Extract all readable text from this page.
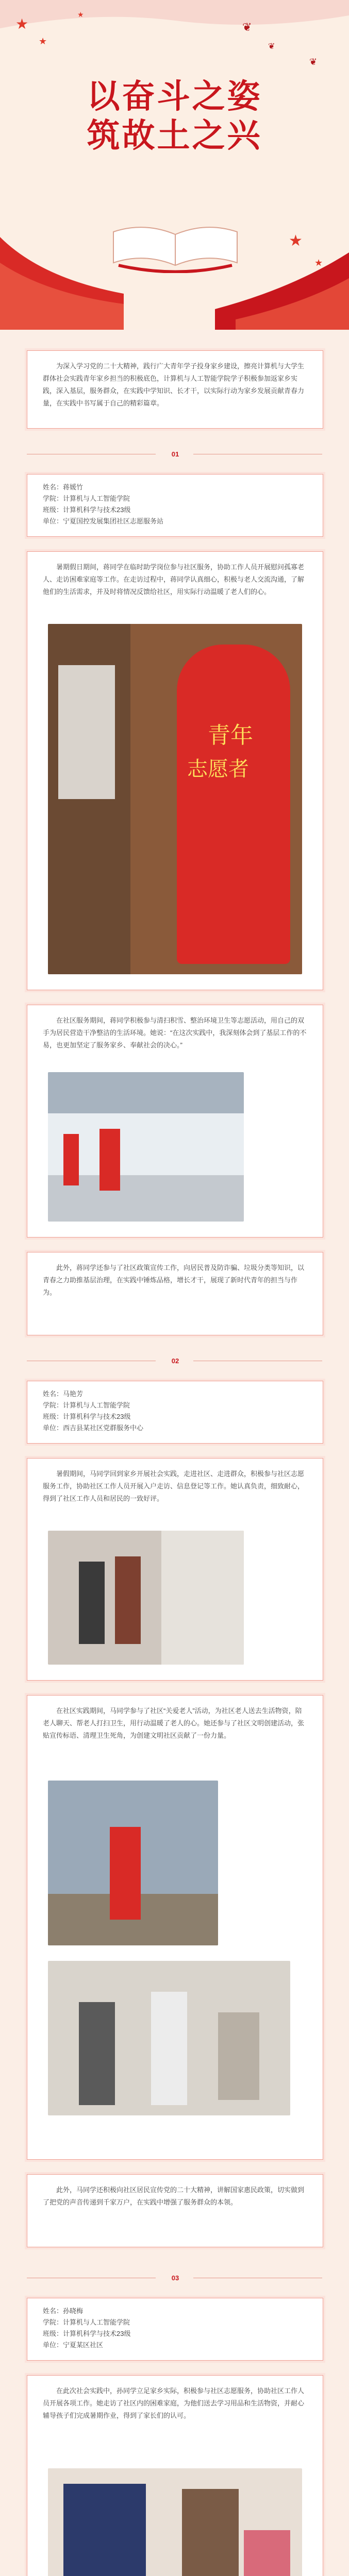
★
★
★
★
★
❦
❦
❦
以奋斗之姿
筑故土之兴

为深入学习党的二十大精神，践行广大青年学子投身家乡建设，擦亮计算机与大学生群体社会实践青年家乡担当的积极底色，计算机与人工智能学院学子积极参加返家乡实践，深入基层，服务群众，在实践中学知识、长才干，以实际行动为家乡发展贡献青春力量，在实践中书写属于自己的精彩篇章。

01

姓名：蒋媛竹

学院：计算机与人工智能学院

班级：计算机科学与技术23级

单位：宁夏国控发展集团社区志愿服务站

暑期假日期间，蒋同学在临时助学岗位参与社区服务，协助工作人员开展慰问孤寡老人、走访困难家庭等工作。在走访过程中，蒋同学认真细心，积极与老人交流沟通，了解他们的生活需求，并及时将情况反馈给社区，用实际行动温暖了老人们的心。

青年
志愿者

在社区服务期间，蒋同学积极参与清扫积雪、整治环境卫生等志愿活动，用自己的双手为居民营造干净整洁的生活环境。她说：“在这次实践中，我深刻体会到了基层工作的不易，也更加坚定了服务家乡、奉献社会的决心。”

此外，蒋同学还参与了社区政策宣传工作，向居民普及防诈骗、垃圾分类等知识，以青春之力助推基层治理，在实践中锤炼品格，增长才干，展现了新时代青年的担当与作为。

02

姓名：马艳芳

学院：计算机与人工智能学院

班级：计算机科学与技术23级

单位：西吉县某社区党群服务中心

暑假期间，马同学回到家乡开展社会实践，走进社区、走进群众，积极参与社区志愿服务工作，协助社区工作人员开展入户走访、信息登记等工作。她认真负责，细致耐心，得到了社区工作人员和居民的一致好评。

在社区实践期间，马同学参与了社区“关爱老人”活动，为社区老人送去生活物资，陪老人聊天、帮老人打扫卫生，用行动温暖了老人的心。她还参与了社区文明创建活动，张贴宣传标语、清理卫生死角，为创建文明社区贡献了一份力量。

此外，马同学还积极向社区居民宣传党的二十大精神，讲解国家惠民政策，切实做到了把党的声音传递到千家万户，在实践中增强了服务群众的本领。

03

姓名：孙晓梅

学院：计算机与人工智能学院

班级：计算机科学与技术23级

单位：宁夏某区社区

在此次社会实践中，孙同学立足家乡实际，积极参与社区志愿服务，协助社区工作人员开展各项工作。她走访了社区内的困难家庭，为他们送去学习用品和生活物资，并耐心辅导孩子们完成暑期作业，得到了家长们的认可。
